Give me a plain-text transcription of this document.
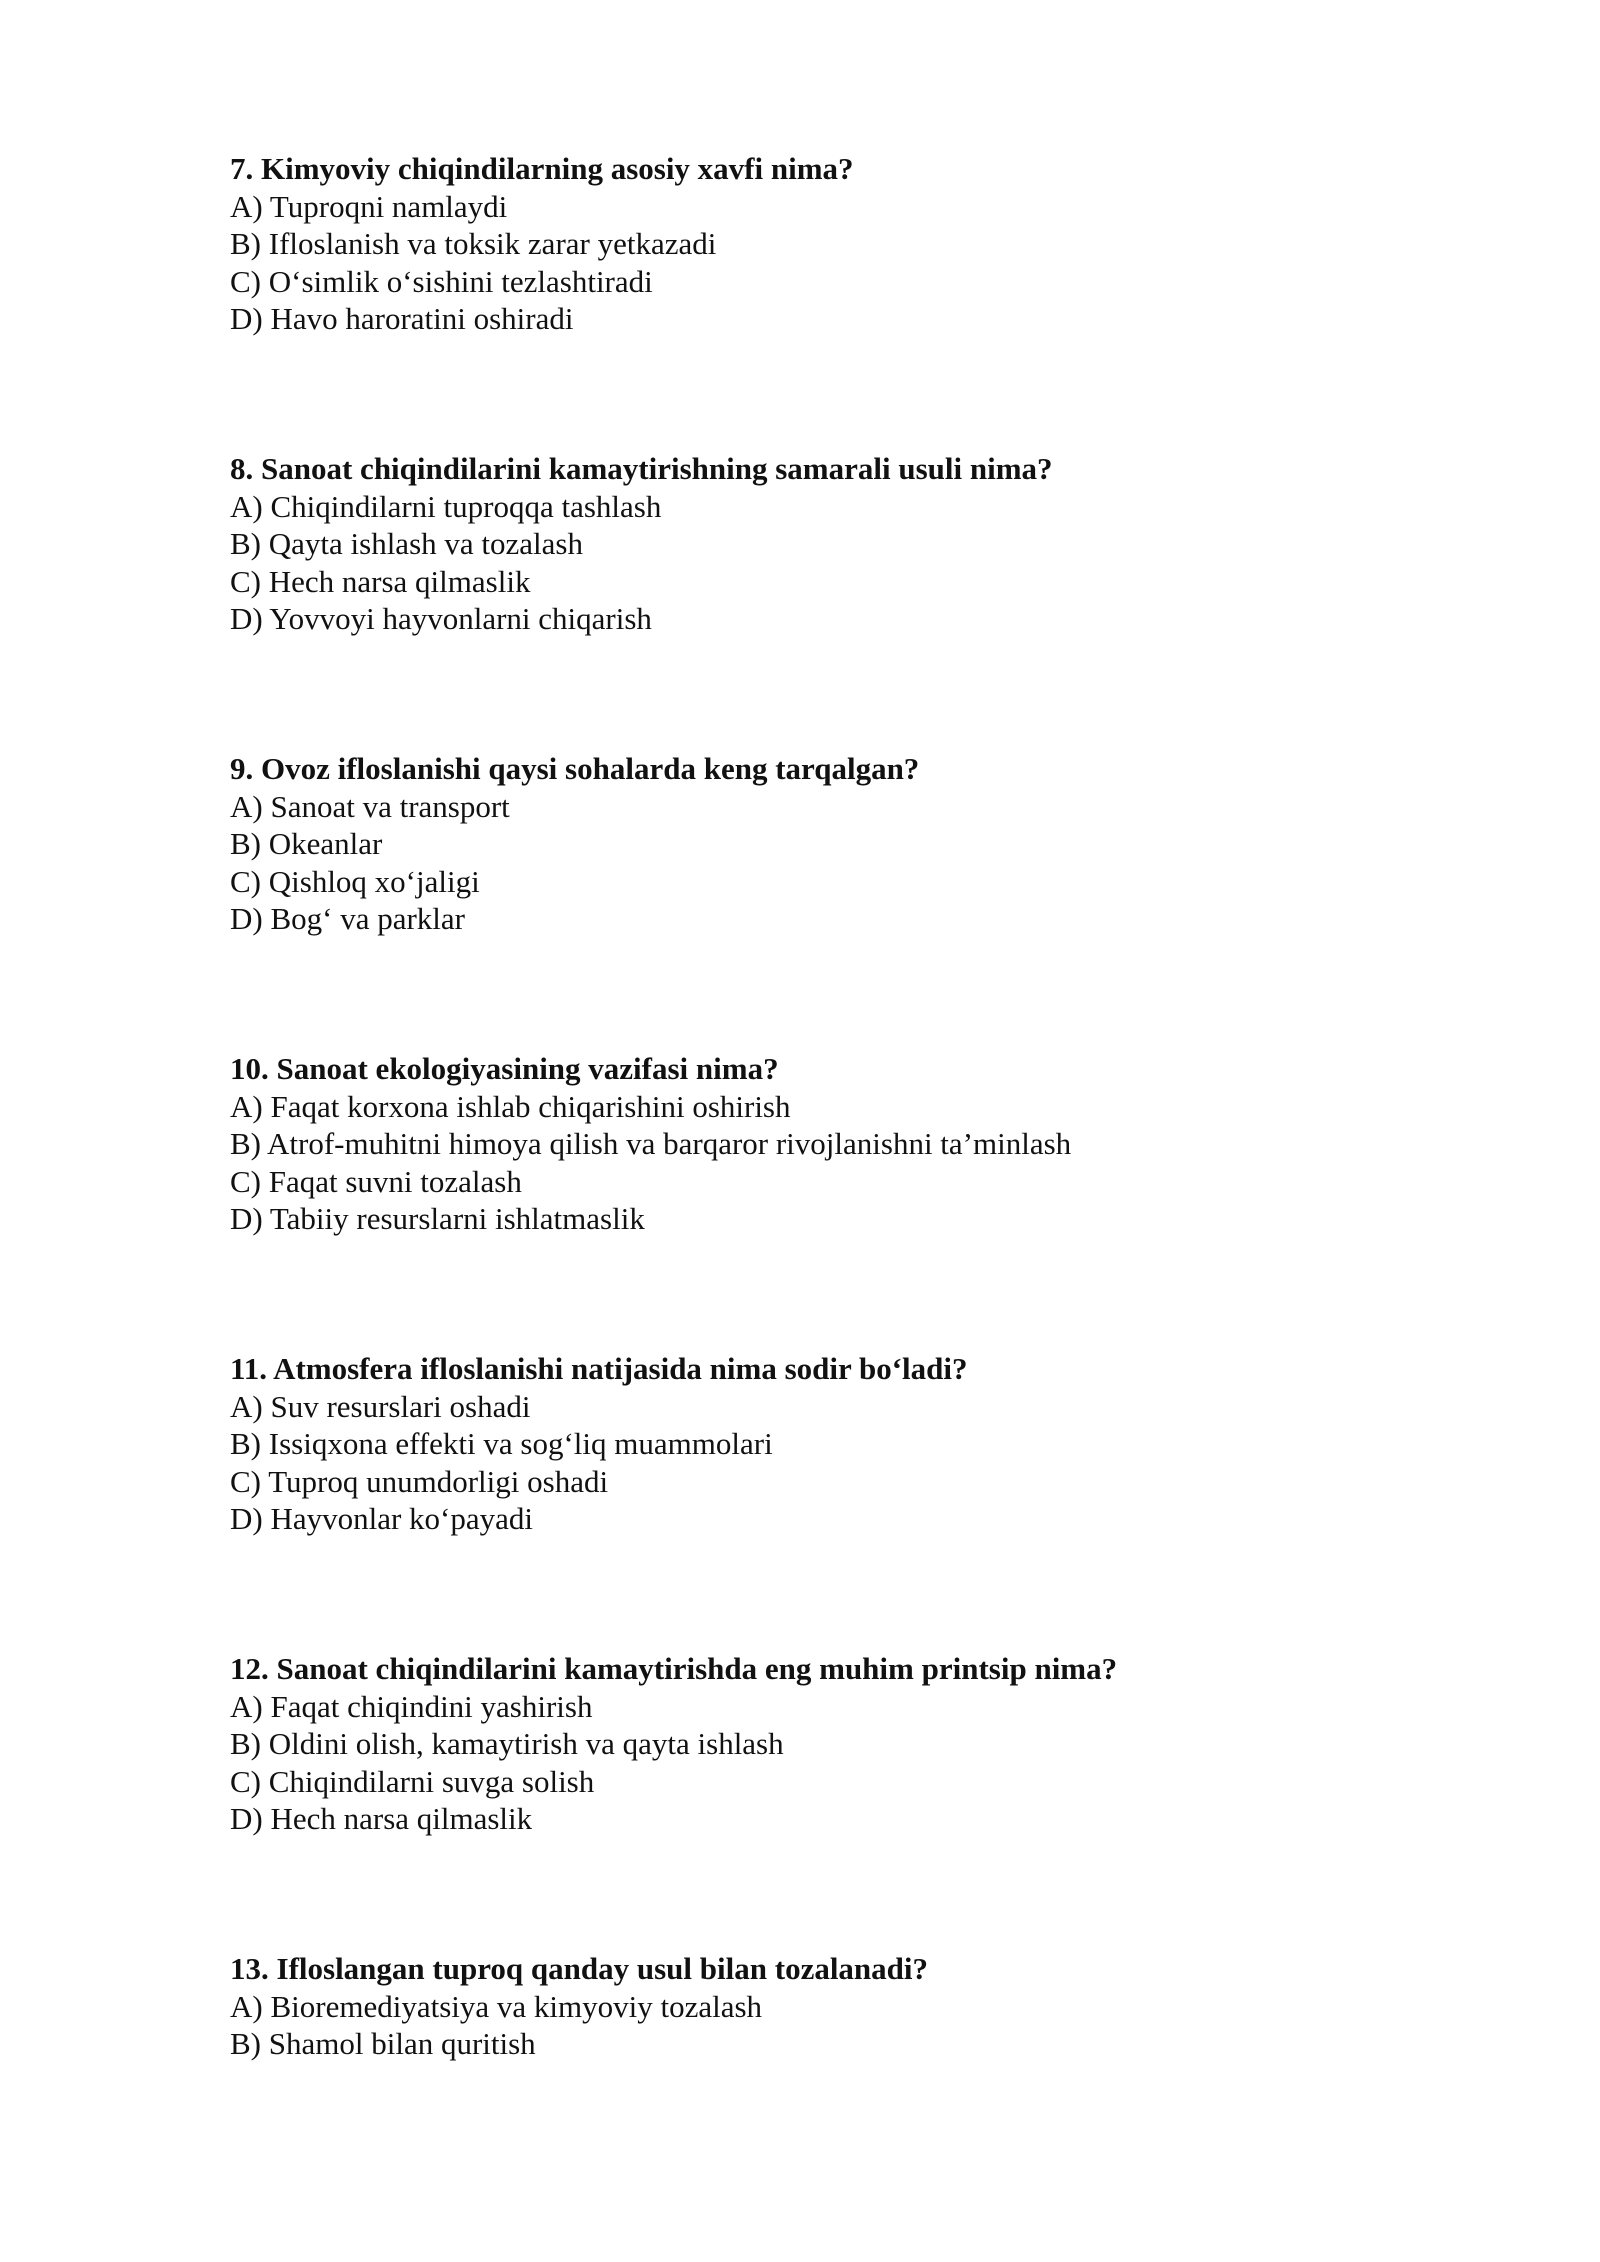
7. Kimyoviy chiqindilarning asosiy xavfi nima?
A) Tuproqni namlaydi
B) Ifloslanish va toksik zarar yetkazadi
C) O‘simlik o‘sishini tezlashtiradi
D) Havo haroratini oshiradi
8. Sanoat chiqindilarini kamaytirishning samarali usuli nima?
A) Chiqindilarni tuproqqa tashlash
B) Qayta ishlash va tozalash
C) Hech narsa qilmaslik
D) Yovvoyi hayvonlarni chiqarish
9. Ovoz ifloslanishi qaysi sohalarda keng tarqalgan?
A) Sanoat va transport
B) Okeanlar
C) Qishloq xo‘jaligi
D) Bog‘ va parklar
10. Sanoat ekologiyasining vazifasi nima?
A) Faqat korxona ishlab chiqarishini oshirish
B) Atrof-muhitni himoya qilish va barqaror rivojlanishni ta’minlash
C) Faqat suvni tozalash
D) Tabiiy resurslarni ishlatmaslik
11. Atmosfera ifloslanishi natijasida nima sodir bo‘ladi?
A) Suv resurslari oshadi
B) Issiqxona effekti va sog‘liq muammolari
C) Tuproq unumdorligi oshadi
D) Hayvonlar ko‘payadi
12. Sanoat chiqindilarini kamaytirishda eng muhim printsip nima?
A) Faqat chiqindini yashirish
B) Oldini olish, kamaytirish va qayta ishlash
C) Chiqindilarni suvga solish
D) Hech narsa qilmaslik
13. Ifloslangan tuproq qanday usul bilan tozalanadi?
A) Bioremediyatsiya va kimyoviy tozalash
B) Shamol bilan quritish
